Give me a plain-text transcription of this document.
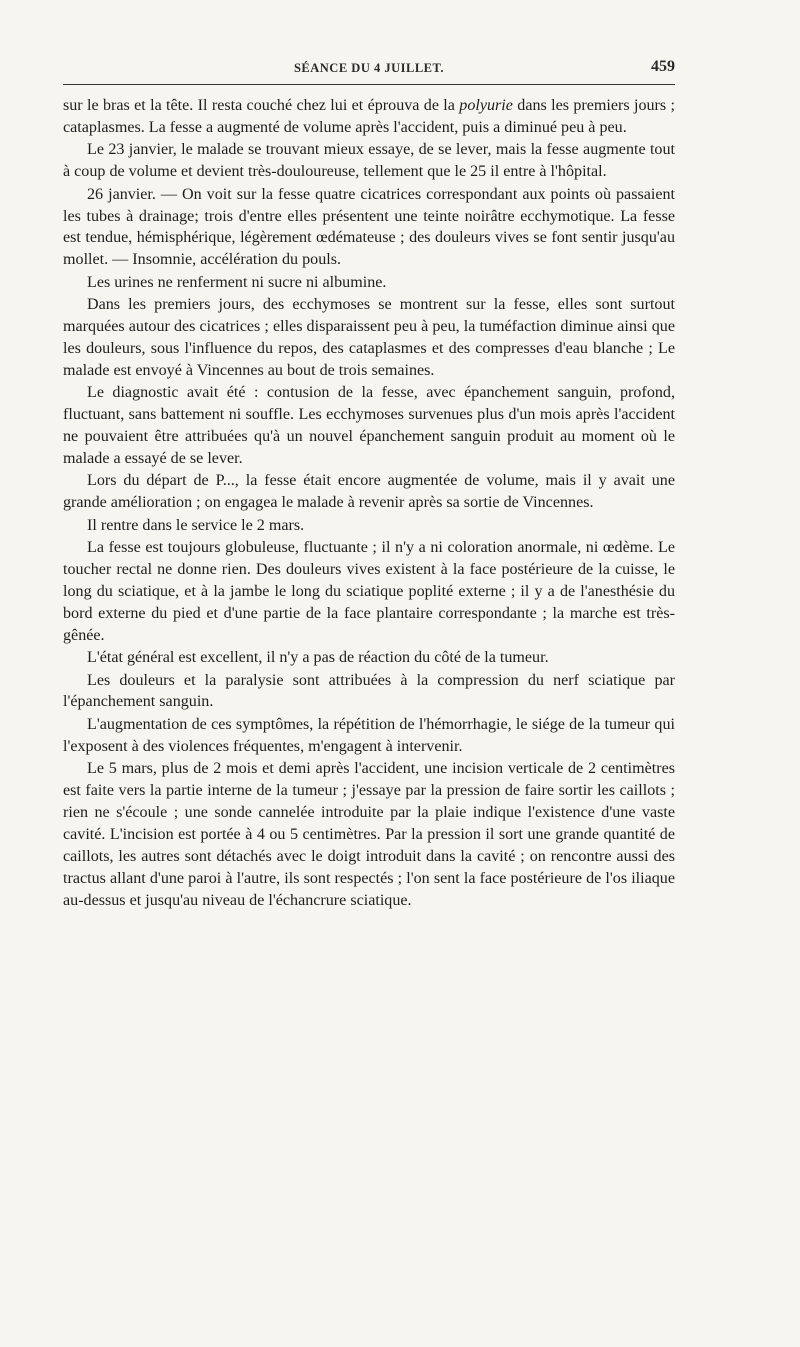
SÉANCE DU 4 JUILLET.	459

sur le bras et la tête. Il resta couché chez lui et éprouva de la polyurie dans les premiers jours ; cataplasmes. La fesse a augmenté de volume après l'accident, puis a diminué peu à peu.

Le 23 janvier, le malade se trouvant mieux essaye, de se lever, mais la fesse augmente tout à coup de volume et devient très-douloureuse, tellement que le 25 il entre à l'hôpital.

26 janvier. — On voit sur la fesse quatre cicatrices correspondant aux points où passaient les tubes à drainage; trois d'entre elles présentent une teinte noirâtre ecchymotique. La fesse est tendue, hémisphérique, légèrement œdémateuse ; des douleurs vives se font sentir jusqu'au mollet. — Insomnie, accélération du pouls.

Les urines ne renferment ni sucre ni albumine.

Dans les premiers jours, des ecchymoses se montrent sur la fesse, elles sont surtout marquées autour des cicatrices ; elles disparaissent peu à peu, la tuméfaction diminue ainsi que les douleurs, sous l'influence du repos, des cataplasmes et des compresses d'eau blanche ; Le malade est envoyé à Vincennes au bout de trois semaines.

Le diagnostic avait été : contusion de la fesse, avec épanchement sanguin, profond, fluctuant, sans battement ni souffle. Les ecchymoses survenues plus d'un mois après l'accident ne pouvaient être attribuées qu'à un nouvel épanchement sanguin produit au moment où le malade a essayé de se lever.

Lors du départ de P..., la fesse était encore augmentée de volume, mais il y avait une grande amélioration ; on engagea le malade à revenir après sa sortie de Vincennes.

Il rentre dans le service le 2 mars.

La fesse est toujours globuleuse, fluctuante ; il n'y a ni coloration anormale, ni œdème. Le toucher rectal ne donne rien. Des douleurs vives existent à la face postérieure de la cuisse, le long du sciatique, et à la jambe le long du sciatique poplité externe ; il y a de l'anesthésie du bord externe du pied et d'une partie de la face plantaire correspondante ; la marche est très-gênée.

L'état général est excellent, il n'y a pas de réaction du côté de la tumeur.

Les douleurs et la paralysie sont attribuées à la compression du nerf sciatique par l'épanchement sanguin.

L'augmentation de ces symptômes, la répétition de l'hémorrhagie, le siége de la tumeur qui l'exposent à des violences fréquentes, m'engagent à intervenir.

Le 5 mars, plus de 2 mois et demi après l'accident, une incision verticale de 2 centimètres est faite vers la partie interne de la tumeur ; j'essaye par la pression de faire sortir les caillots ; rien ne s'écoule ; une sonde cannelée introduite par la plaie indique l'existence d'une vaste cavité. L'incision est portée à 4 ou 5 centimètres. Par la pression il sort une grande quantité de caillots, les autres sont détachés avec le doigt introduit dans la cavité ; on rencontre aussi des tractus allant d'une paroi à l'autre, ils sont respectés ; l'on sent la face postérieure de l'os iliaque au-dessus et jusqu'au niveau de l'échancrure sciatique.
